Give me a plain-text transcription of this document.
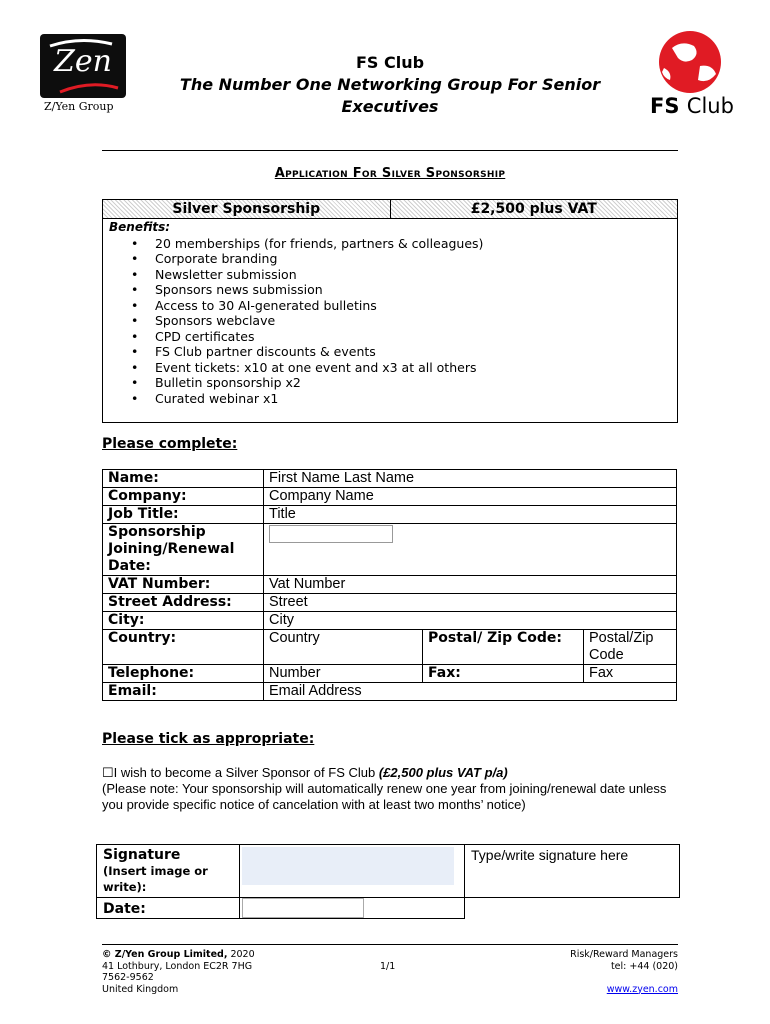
Zen
Z/Yen Group
FS Club
The Number One Networking Group For Senior
Executives	FS Club
Application For Silver Sponsorship
Silver Sponsorship	£2,500 plus VAT
Benefits:
• 20 memberships (for friends, partners & colleagues)
• Corporate branding
• Newsletter submission
• Sponsors news submission
• Access to 30 AI-generated bulletins
• Sponsors webclave
• CPD certificates
• FS Club partner discounts & events
• Event tickets: x10 at one event and x3 at all others
• Bulletin sponsorship x2
• Curated webinar x1
Please complete:
Name:	First Name Last Name		
Company:	Company Name		
Job Title:	Title		
Sponsorship Joining/Renewal Date:			
VAT Number:	Vat Number		
Street Address:	Street		
City:	City		
Country:	Country	Postal/ Zip Code:	Postal/Zip Code
Telephone:	Number	Fax:	Fax
Email:	Email Address		
Please tick as appropriate:
☐I wish to become a Silver Sponsor of FS Club (£2,500 plus VAT p/a)
(Please note: Your sponsorship will automatically renew one year from joining/renewal date unless you provide specific notice of cancelation with at least two months’ notice)
Signature
(Insert image or write):		Type/write signature here

Date:	

© Z/Yen Group Limited, 2020
41 Lothbury, London EC2R 7HG
7562-9562
United Kingdom
1/1
Risk/Reward Managers
tel: +44 (020)
www.zyen.com
